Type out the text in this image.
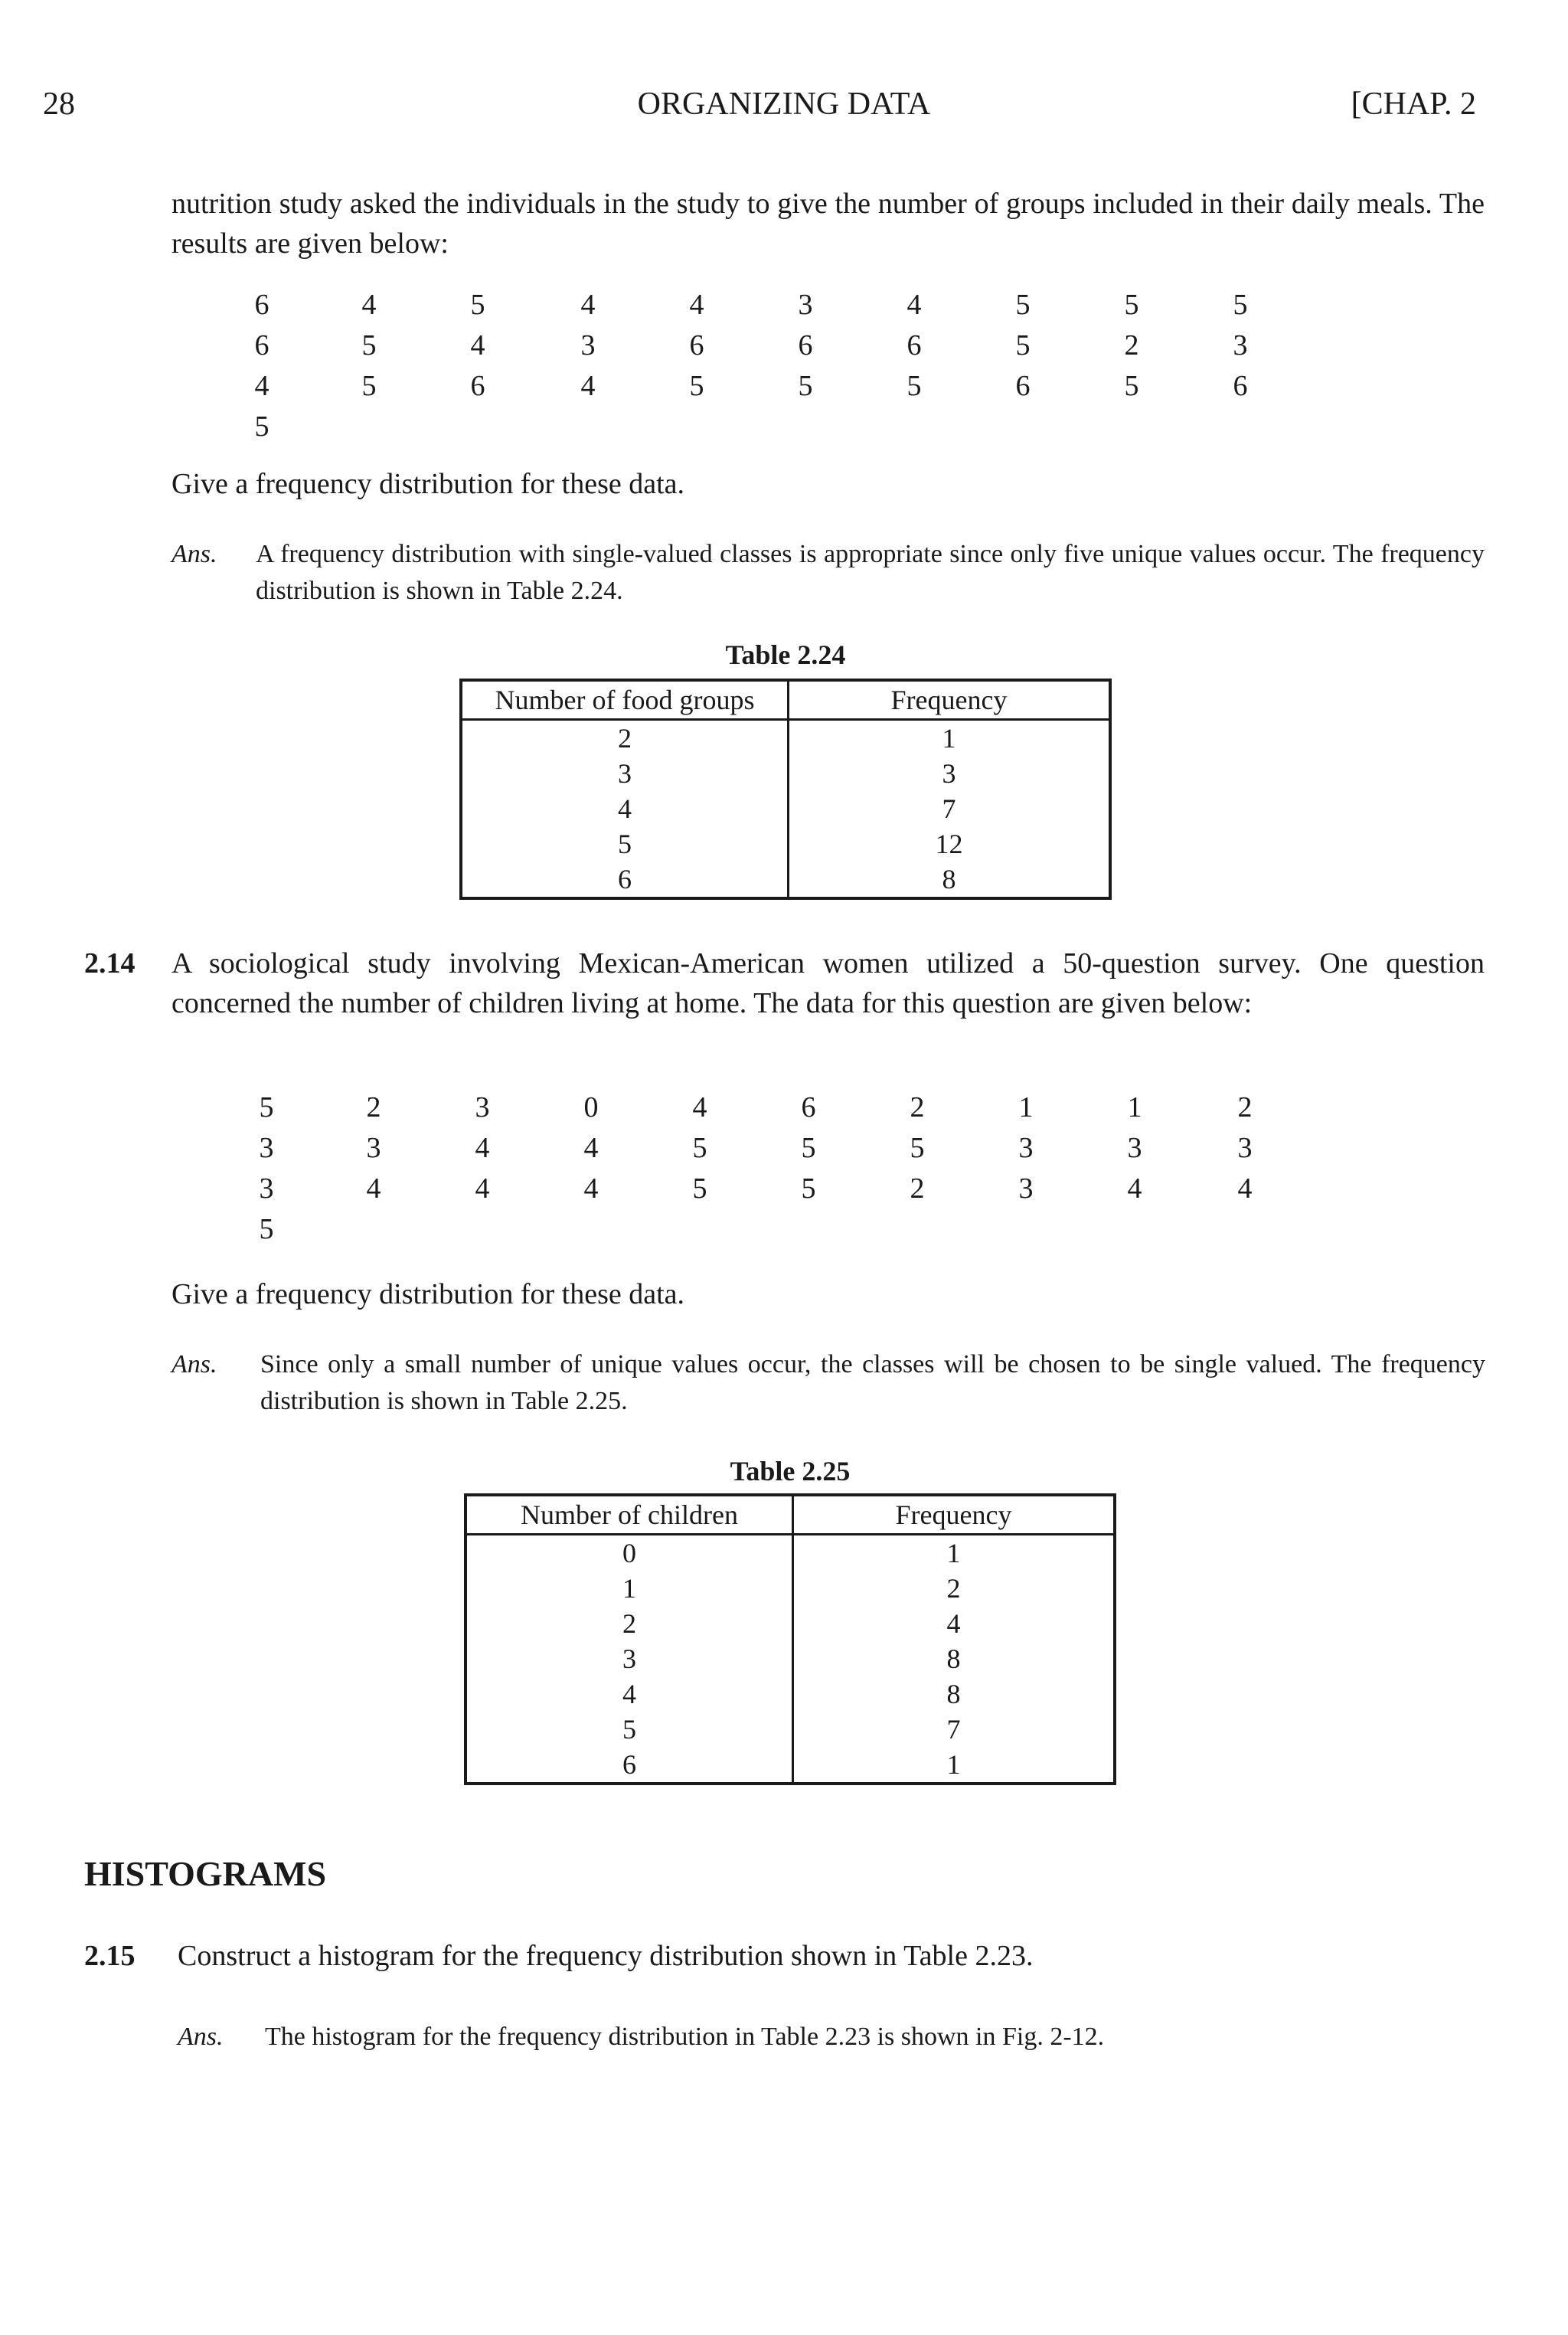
28	ORGANIZING DATA	[CHAP. 2
nutrition study asked the individuals in the study to give the number of groups included in their daily meals. The results are given below:
6	4	5	4	4	3	4	5	5	5
6	5	4	3	6	6	6	5	2	3
4	5	6	4	5	5	5	6	5	6
5
Give a frequency distribution for these data.
Ans.	A frequency distribution with single-valued classes is appropriate since only five unique values occur. The frequency distribution is shown in Table 2.24.
Table 2.24
Number of food groups	Frequency
2	1
3	3
4	7
5	12
6	8
2.14 A sociological study involving Mexican-American women utilized a 50-question survey. One question concerned the number of children living at home. The data for this question are given below:
5	2	3	0	4	6	2	1	1	2
3	3	4	4	5	5	5	3	3	3
3	4	4	4	5	5	2	3	4	4
5
Give a frequency distribution for these data.
Ans.	Since only a small number of unique values occur, the classes will be chosen to be single valued. The frequency distribution is shown in Table 2.25.
Table 2.25
Number of children	Frequency
0	1
1	2
2	4
3	8
4	8
5	7
6	1
HISTOGRAMS
2.15 Construct a histogram for the frequency distribution shown in Table 2.23.
Ans.	The histogram for the frequency distribution in Table 2.23 is shown in Fig. 2-12.
